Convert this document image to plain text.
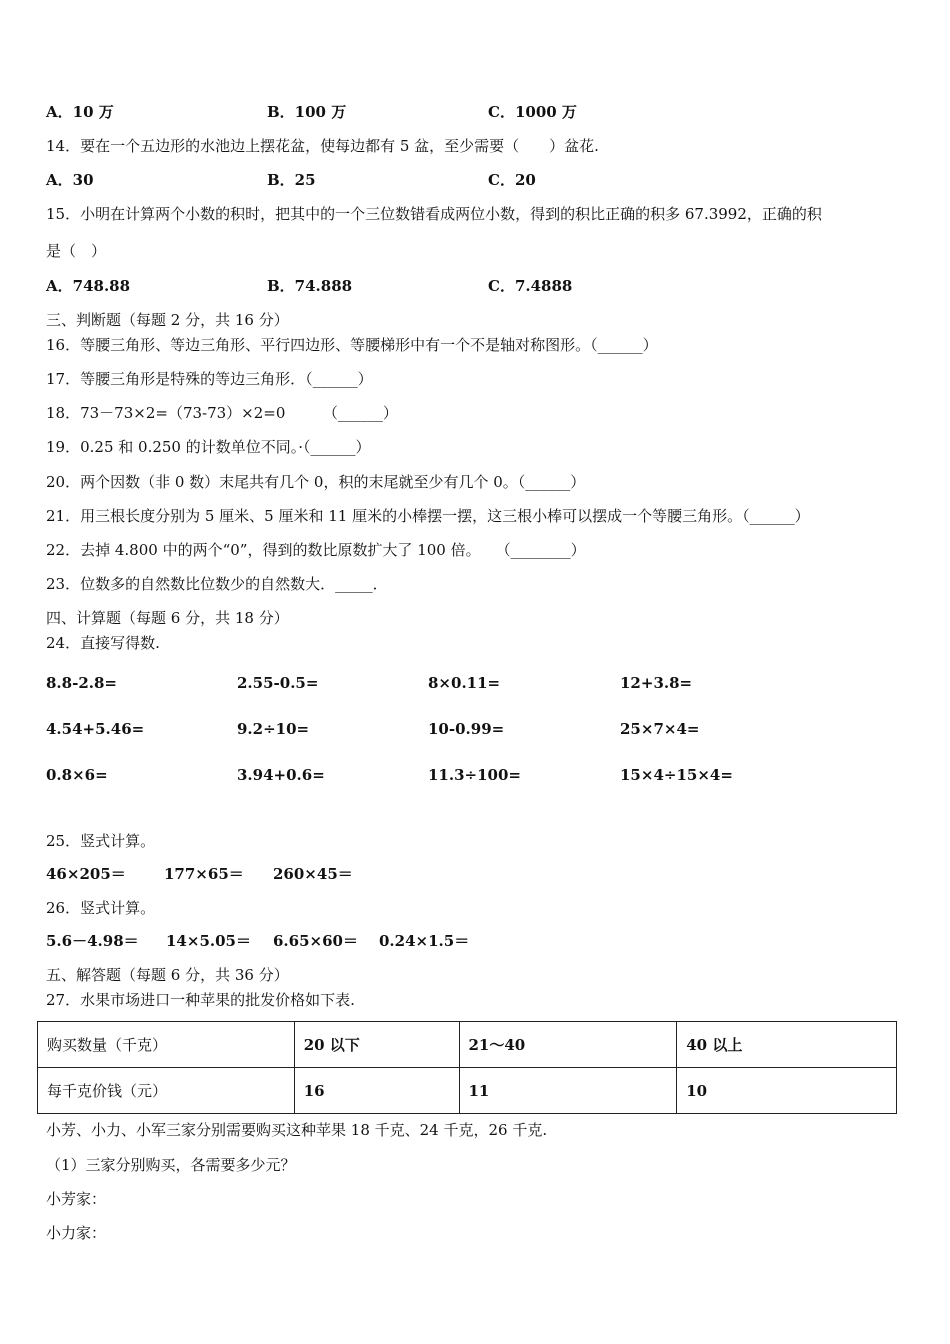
A．10 万	B．100 万	C．1000 万
14．要在一个五边形的水池边上摆花盆，使每边都有 5 盆，至少需要（　　）盆花.
A．30	B．25	C．20
15．小明在计算两个小数的积时，把其中的一个三位数错看成两位小数，得到的积比正确的积多 67.3992，正确的积
是（　）
A．748.88	B．74.888	C．7.4888
三、判断题（每题 2 分，共 16 分）
16．等腰三角形、等边三角形、平行四边形、等腰梯形中有一个不是轴对称图形。（______）
17．等腰三角形是特殊的等边三角形．（______）
18．73－73×2=（73-73）×2=0　　　（______）
19．0.25 和 0.250 的计数单位不同。·（______）
20．两个因数（非 0 数）末尾共有几个 0，积的末尾就至少有几个 0。（______）
21．用三根长度分别为 5 厘米、5 厘米和 11 厘米的小棒摆一摆，这三根小棒可以摆成一个等腰三角形。（______）
22．去掉 4.800 中的两个“0”，得到的数比原数扩大了 100 倍。　　（________）
23．位数多的自然数比位数少的自然数大．_____．
四、计算题（每题 6 分，共 18 分）
24．直接写得数.
8.8-2.8=	2.55-0.5=	8×0.11=	12+3.8=
4.54+5.46=	9.2÷10=	10-0.99=	25×7×4=
0.8×6=	3.94+0.6=	11.3÷100=	15×4÷15×4=
25．竖式计算。
46×205＝	177×65＝ 260×45＝
26．竖式计算。
5.6－4.98＝ 14×5.05＝ 6.65×60＝ 0.24×1.5＝
五、解答题（每题 6 分，共 36 分）
27．水果市场进口一种苹果的批发价格如下表.
购买数量（千克）	20 以下	21～40	40 以上
每千克价钱（元）	16	11	10
小芳、小力、小军三家分别需要购买这种苹果 18 千克、24 千克，26 千克.
（1）三家分别购买，各需要多少元？
小芳家：
小力家：
